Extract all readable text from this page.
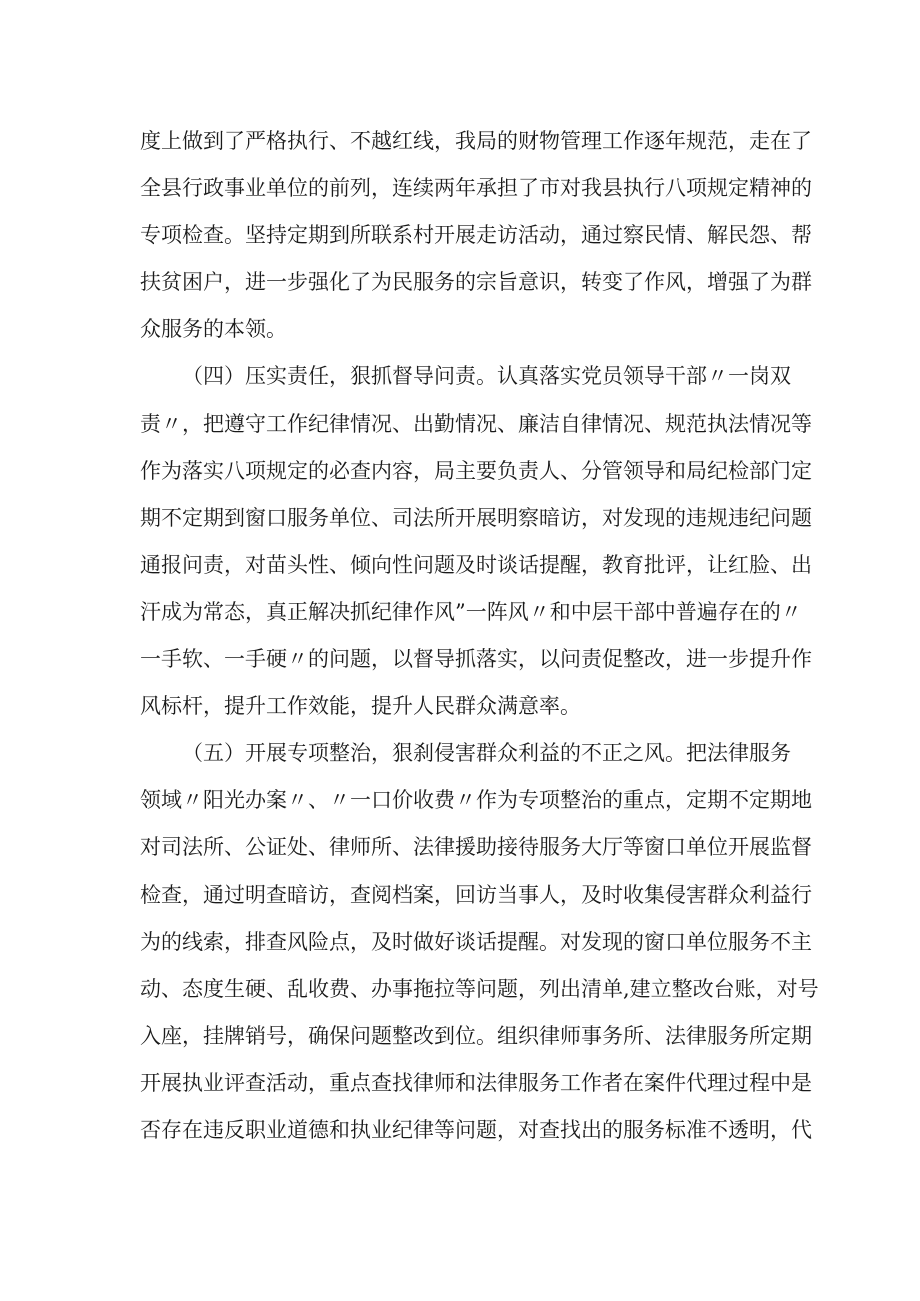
度上做到了严格执行、不越红线，我局的财物管理工作逐年规范，走在了
全县行政事业单位的前列，连续两年承担了市对我县执行八项规定精神的
专项检查。坚持定期到所联系村开展走访活动，通过察民情、解民怨、帮
扶贫困户，进一步强化了为民服务的宗旨意识，转变了作风，增强了为群
众服务的本领。
（四）压实责任，狠抓督导问责。认真落实党员领导干部〃一岗双
责〃，把遵守工作纪律情况、出勤情况、廉洁自律情况、规范执法情况等
作为落实八项规定的必查内容，局主要负责人、分管领导和局纪检部门定
期不定期到窗口服务单位、司法所开展明察暗访，对发现的违规违纪问题
通报问责，对苗头性、倾向性问题及时谈话提醒，教育批评，让红脸、出
汗成为常态，真正解决抓纪律作风”一阵风〃和中层干部中普遍存在的〃
一手软、一手硬〃的问题，以督导抓落实，以问责促整改，进一步提升作
风标杆，提升工作效能，提升人民群众满意率。
（五）开展专项整治，狠刹侵害群众利益的不正之风。把法律服务
领域〃阳光办案〃、〃一口价收费〃作为专项整治的重点，定期不定期地
对司法所、公证处、律师所、法律援助接待服务大厅等窗口单位开展监督
检查，通过明查暗访，查阅档案，回访当事人，及时收集侵害群众利益行
为的线索，排查风险点，及时做好谈话提醒。对发现的窗口单位服务不主
动、态度生硬、乱收费、办事拖拉等问题，列出清单,建立整改台账，对号
入座，挂牌销号，确保问题整改到位。组织律师事务所、法律服务所定期
开展执业评查活动，重点查找律师和法律服务工作者在案件代理过程中是
否存在违反职业道德和执业纪律等问题，对查找出的服务标准不透明，代
